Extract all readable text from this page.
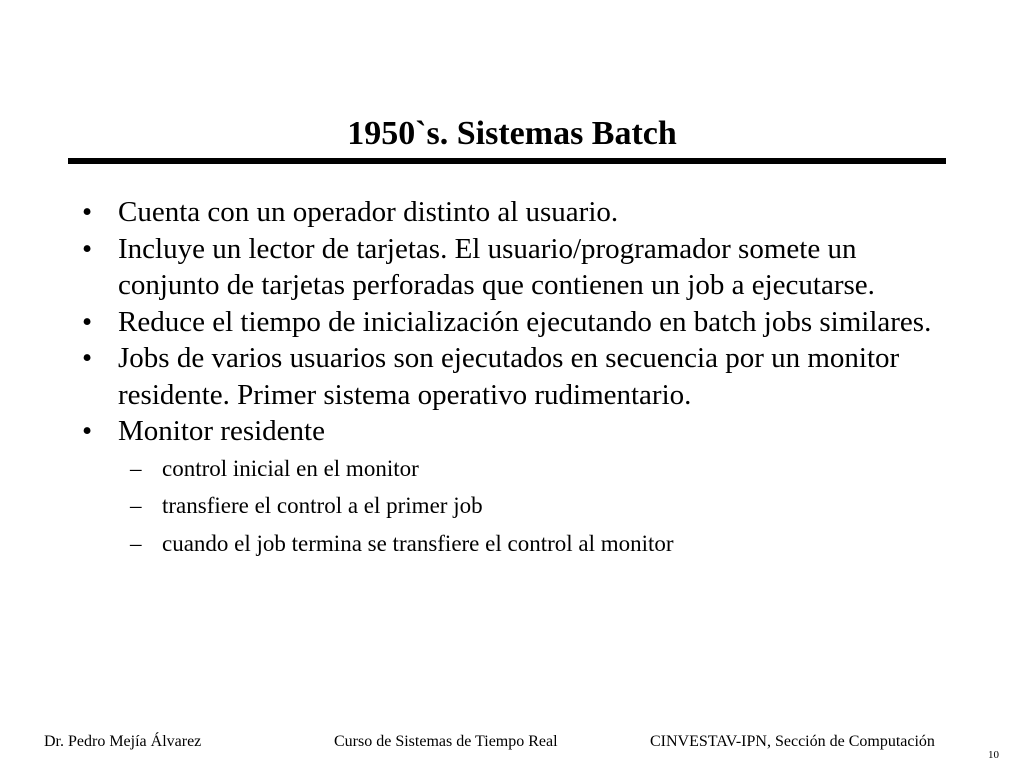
1950`s. Sistemas Batch
• Cuenta con un operador distinto al usuario.
• Incluye un lector de tarjetas. El usuario/programador somete un conjunto de tarjetas perforadas que contienen un job a ejecutarse.
• Reduce el tiempo de inicialización ejecutando en batch jobs similares.
• Jobs de varios usuarios son ejecutados en secuencia por un monitor residente. Primer sistema operativo rudimentario.
• Monitor residente
– control inicial en el monitor
– transfiere el control a el primer job
– cuando el job termina se transfiere el control al monitor
Dr. Pedro Mejía Álvarez	Curso de Sistemas de Tiempo Real	CINVESTAV-IPN, Sección de Computación
10
